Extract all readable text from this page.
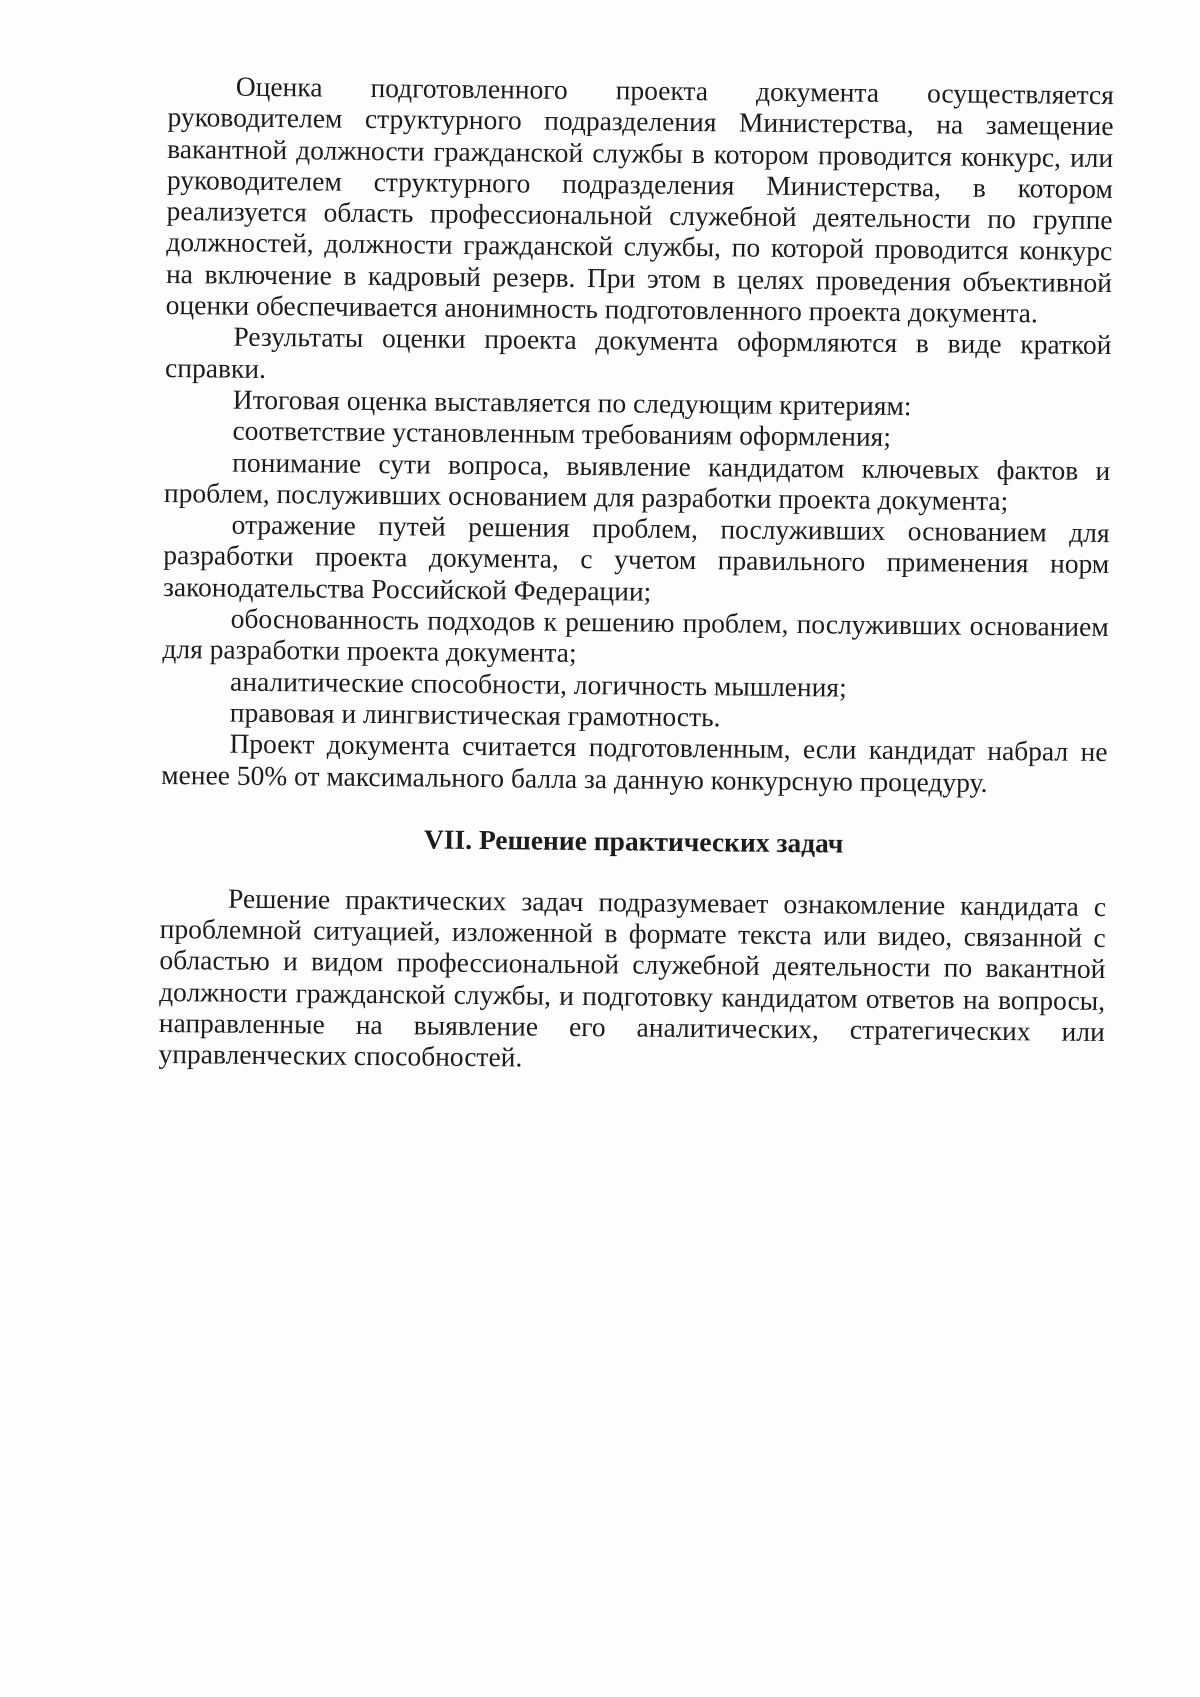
Оценка подготовленного проекта документа осуществляется руководителем структурного подразделения Министерства, на замещение вакантной должности гражданской службы в котором проводится конкурс, или руководителем структурного подразделения Министерства, в котором реализуется область профессиональной служебной деятельности по группе должностей, должности гражданской службы, по которой проводится конкурс на включение в кадровый резерв. При этом в целях проведения объективной оценки обеспечивается анонимность подготовленного проекта документа.

Результаты оценки проекта документа оформляются в виде краткой справки.

Итоговая оценка выставляется по следующим критериям:

соответствие установленным требованиям оформления;

понимание сути вопроса, выявление кандидатом ключевых фактов и проблем, послуживших основанием для разработки проекта документа;

отражение путей решения проблем, послуживших основанием для разработки проекта документа, с учетом правильного применения норм законодательства Российской Федерации;

обоснованность подходов к решению проблем, послуживших основанием для разработки проекта документа;

аналитические способности, логичность мышления;

правовая и лингвистическая грамотность.

Проект документа считается подготовленным, если кандидат набрал не менее 50% от максимального балла за данную конкурсную процедуру.

VII. Решение практических задач

Решение практических задач подразумевает ознакомление кандидата с проблемной ситуацией, изложенной в формате текста или видео, связанной с областью и видом профессиональной служебной деятельности по вакантной должности гражданской службы, и подготовку кандидатом ответов на вопросы, направленные на выявление его аналитических, стратегических или управленческих способностей.
